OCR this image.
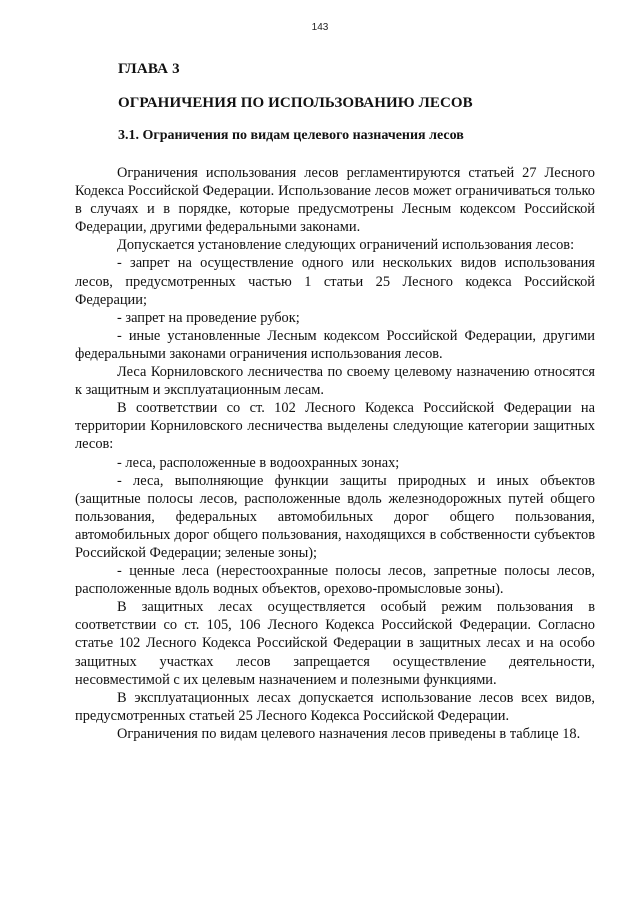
143
ГЛАВА 3
ОГРАНИЧЕНИЯ ПО ИСПОЛЬЗОВАНИЮ ЛЕСОВ
3.1. Ограничения по видам целевого назначения лесов

Ограничения использования лесов регламентируются статьей 27 Лесного Кодекса Российской Федерации. Использование лесов может ограничиваться только в случаях и в порядке, которые предусмотрены Лесным кодексом Российской Федерации, другими федеральными законами.

Допускается установление следующих ограничений использования лесов:

- запрет на осуществление одного или нескольких видов использования лесов, предусмотренных частью 1 статьи 25 Лесного кодекса Российской Федерации;

- запрет на проведение рубок;

- иные установленные Лесным кодексом Российской Федерации, другими федеральными законами ограничения использования лесов.

Леса Корниловского лесничества по своему целевому назначению относятся к защитным и эксплуатационным лесам.

В соответствии со ст. 102 Лесного Кодекса Российской Федерации на территории Корниловского лесничества выделены следующие категории защитных лесов:

- леса, расположенные в водоохранных зонах;

- леса, выполняющие функции защиты природных и иных объектов (защитные полосы лесов, расположенные вдоль железнодорожных путей общего пользования, федеральных автомобильных дорог общего пользования, автомобильных дорог общего пользования, находящихся в собственности субъектов Российской Федерации; зеленые зоны);

- ценные леса (нерестоохранные полосы лесов, запретные полосы лесов, расположенные вдоль водных объектов, орехово-промысловые зоны).

В защитных лесах осуществляется особый режим пользования в соответствии со ст. 105, 106 Лесного Кодекса Российской Федерации. Согласно статье 102 Лесного Кодекса Российской Федерации в защитных лесах и на особо защитных участках лесов запрещается осуществление деятельности, несовместимой с их целевым назначением и полезными функциями.

В эксплуатационных лесах допускается использование лесов всех видов, предусмотренных статьей 25 Лесного Кодекса Российской Федерации.

Ограничения по видам целевого назначения лесов приведены в таблице 18.
